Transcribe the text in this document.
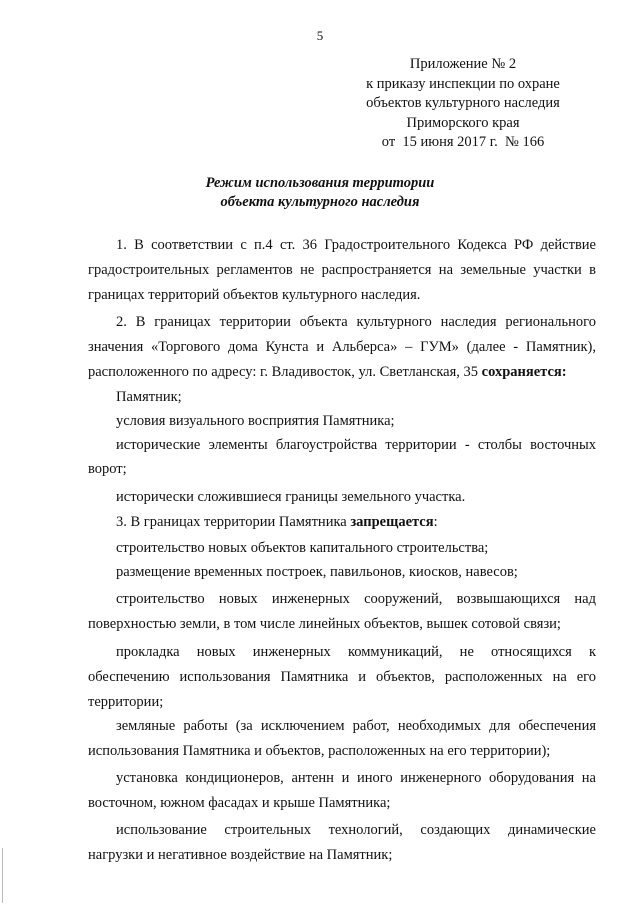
5
Приложение № 2
к приказу инспекции по охране
объектов культурного наследия
Приморского края
от  15 июня 2017 г.  № 166
Режим использования территории
объекта культурного наследия
1. В соответствии с п.4 ст. 36 Градостроительного Кодекса РФ действие градостроительных регламентов не распространяется на земельные участки в границах территорий объектов культурного наследия.
2. В границах территории объекта культурного наследия регионального значения «Торгового дома Кунста и Альберса» – ГУМ» (далее - Памятник), расположенного по адресу: г. Владивосток, ул. Светланская, 35 сохраняется:
Памятник;
условия визуального восприятия Памятника;
исторические элементы благоустройства территории - столбы восточных ворот;
исторически сложившиеся границы земельного участка.
3. В границах территории Памятника запрещается:
строительство новых объектов капитального строительства;
размещение временных построек, павильонов, киосков, навесов;
строительство новых инженерных сооружений, возвышающихся над поверхностью земли, в том числе линейных объектов, вышек сотовой связи;
прокладка новых инженерных коммуникаций, не относящихся к обеспечению использования Памятника и объектов, расположенных на его территории;
земляные работы (за исключением работ, необходимых для обеспечения использования Памятника и объектов, расположенных на его территории);
установка кондиционеров, антенн и иного инженерного оборудования на восточном, южном фасадах и крыше Памятника;
использование строительных технологий, создающих динамические нагрузки и негативное воздействие на Памятник;
